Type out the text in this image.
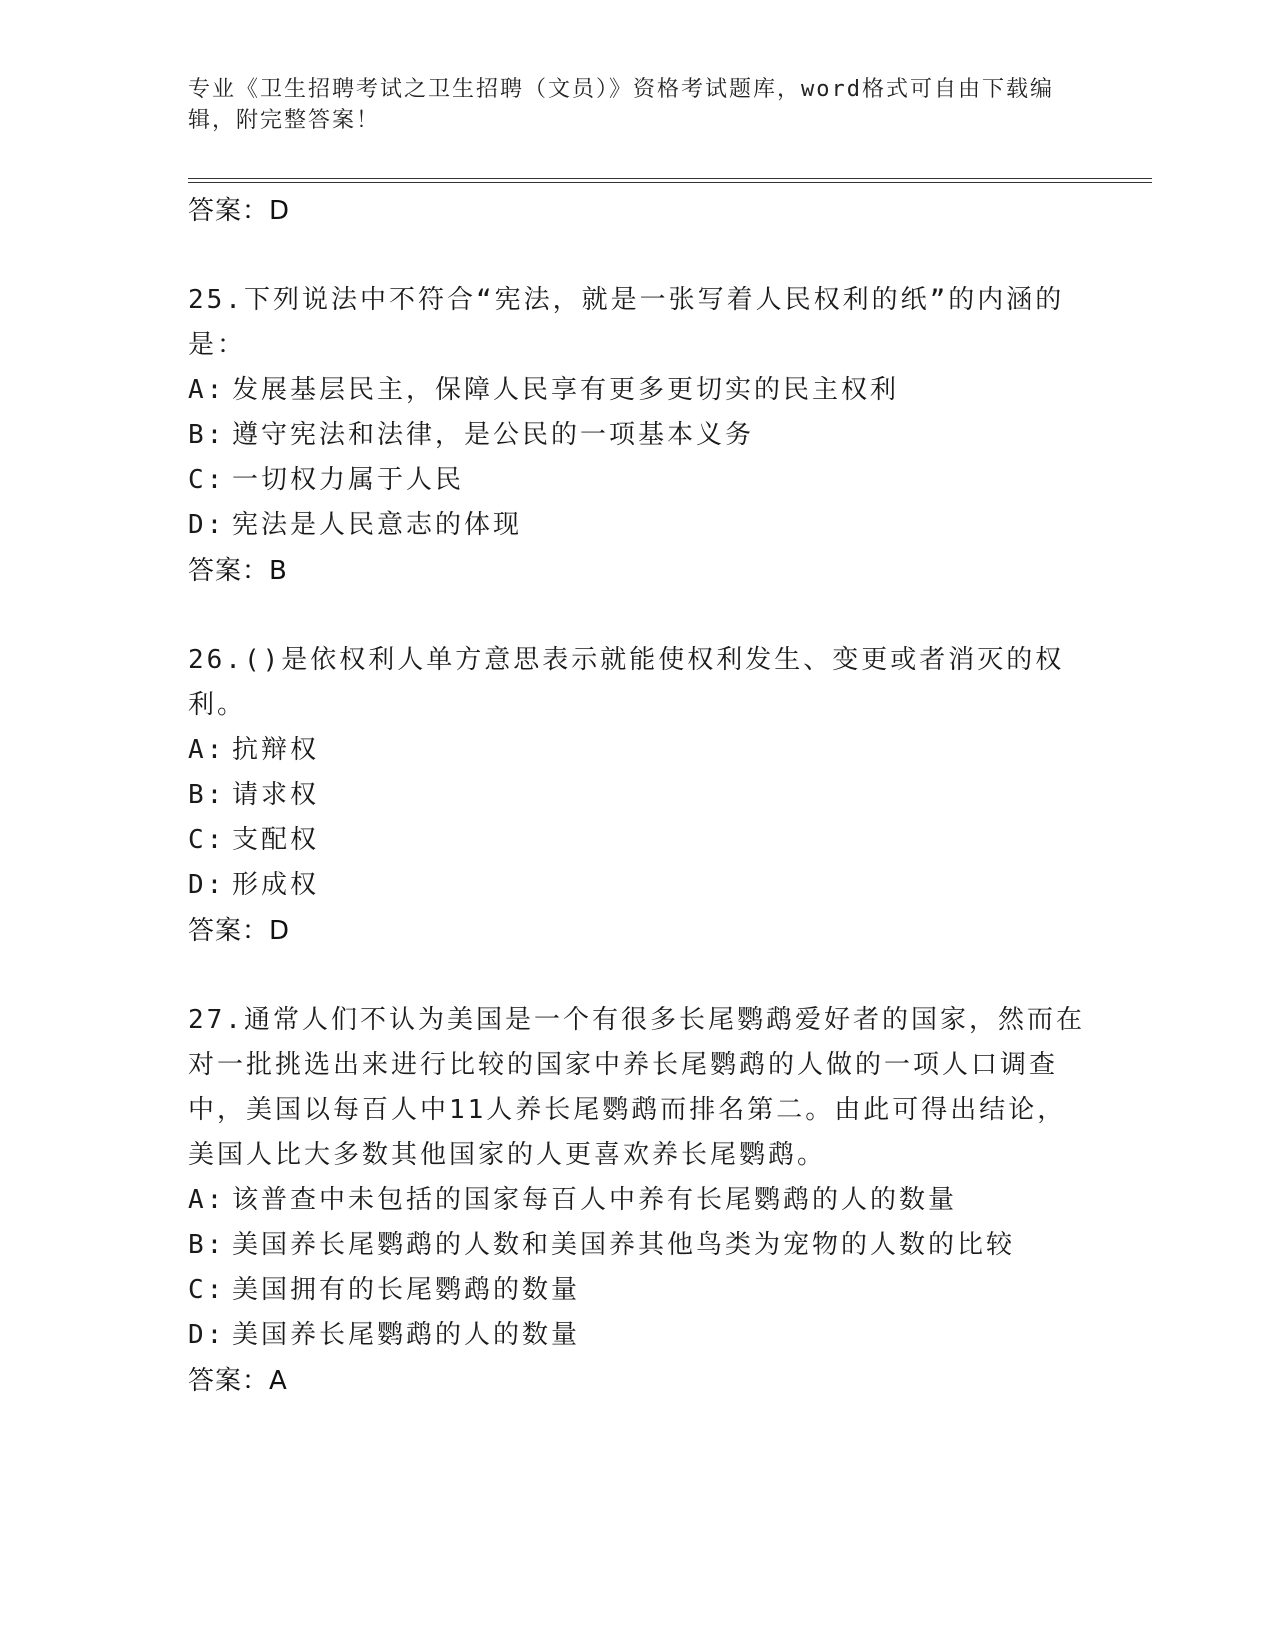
专业《卫生招聘考试之卫生招聘（文员）》资格考试题库，word格式可自由下载编辑，附完整答案！
答案：D
25.下列说法中不符合“宪法，就是一张写着人民权利的纸”的内涵的是：
A: 发展基层民主，保障人民享有更多更切实的民主权利
B: 遵守宪法和法律，是公民的一项基本义务
C: 一切权力属于人民
D: 宪法是人民意志的体现
答案：B
26.()是依权利人单方意思表示就能使权利发生、变更或者消灭的权利。
A: 抗辩权
B: 请求权
C: 支配权
D: 形成权
答案：D
27.通常人们不认为美国是一个有很多长尾鹦鹉爱好者的国家，然而在对一批挑选出来进行比较的国家中养长尾鹦鹉的人做的一项人口调查中，美国以每百人中11人养长尾鹦鹉而排名第二。由此可得出结论，美国人比大多数其他国家的人更喜欢养长尾鹦鹉。
A: 该普查中未包括的国家每百人中养有长尾鹦鹉的人的数量
B: 美国养长尾鹦鹉的人数和美国养其他鸟类为宠物的人数的比较
C: 美国拥有的长尾鹦鹉的数量
D: 美国养长尾鹦鹉的人的数量
答案：A
